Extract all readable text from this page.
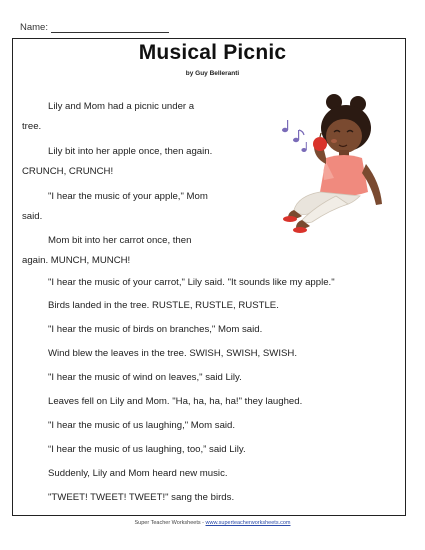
Name:
Musical Picnic
by Guy Belleranti
Lily and Mom had a picnic under a
tree.
Lily bit into her apple once, then again.
CRUNCH, CRUNCH!
"I hear the music of your apple," Mom
said.
Mom bit into her carrot once, then
again. MUNCH, MUNCH!
"I hear the music of your carrot," Lily said. "It sounds like my apple."
Birds landed in the tree. RUSTLE, RUSTLE, RUSTLE.
"I hear the music of birds on branches," Mom said.
Wind blew the leaves in the tree. SWISH, SWISH, SWISH.
"I hear the music of wind on leaves," said Lily.
Leaves fell on Lily and Mom. "Ha, ha, ha, ha!" they laughed.
"I hear the music of us laughing," Mom said.
“I hear the music of us laughing, too,” said Lily.
Suddenly, Lily and Mom heard new music.
"TWEET! TWEET! TWEET!" sang the birds.
Super Teacher Worksheets - www.superteacherworksheets.com
